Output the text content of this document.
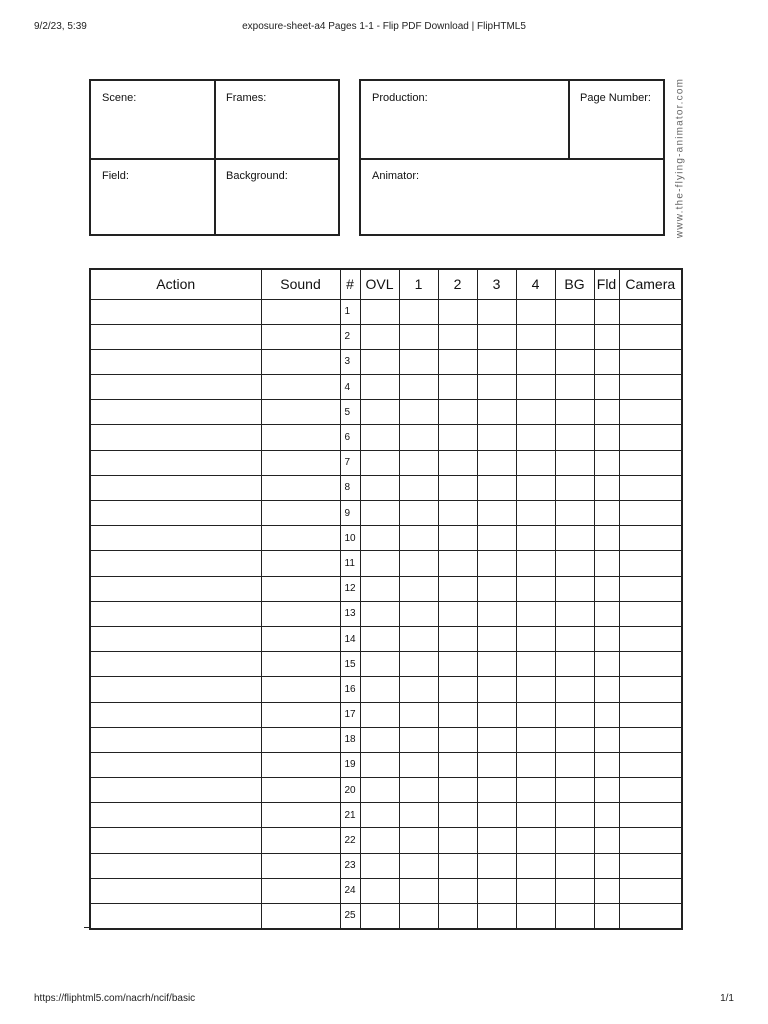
9/2/23, 5:39	exposure-sheet-a4 Pages 1-1 - Flip PDF Download | FlipHTML5
Scene:	Frames:
Field:	Background:
Production:	Page Number:
Animator:	www.the-flying-animator.com
Action	Sound	#	OVL	1	2	3	4	BG	Fld	Camera
		1								
		2								
		3								
		4								
		5								
		6								
		7								
		8								
		9								
		10								
		11								
		12								
		13								
		14								
		15								
		16								
		17								
		18								
		19								
		20								
		21								
		22								
		23								
		24								
		25								
https://fliphtml5.com/nacrh/ncif/basic	1/1
